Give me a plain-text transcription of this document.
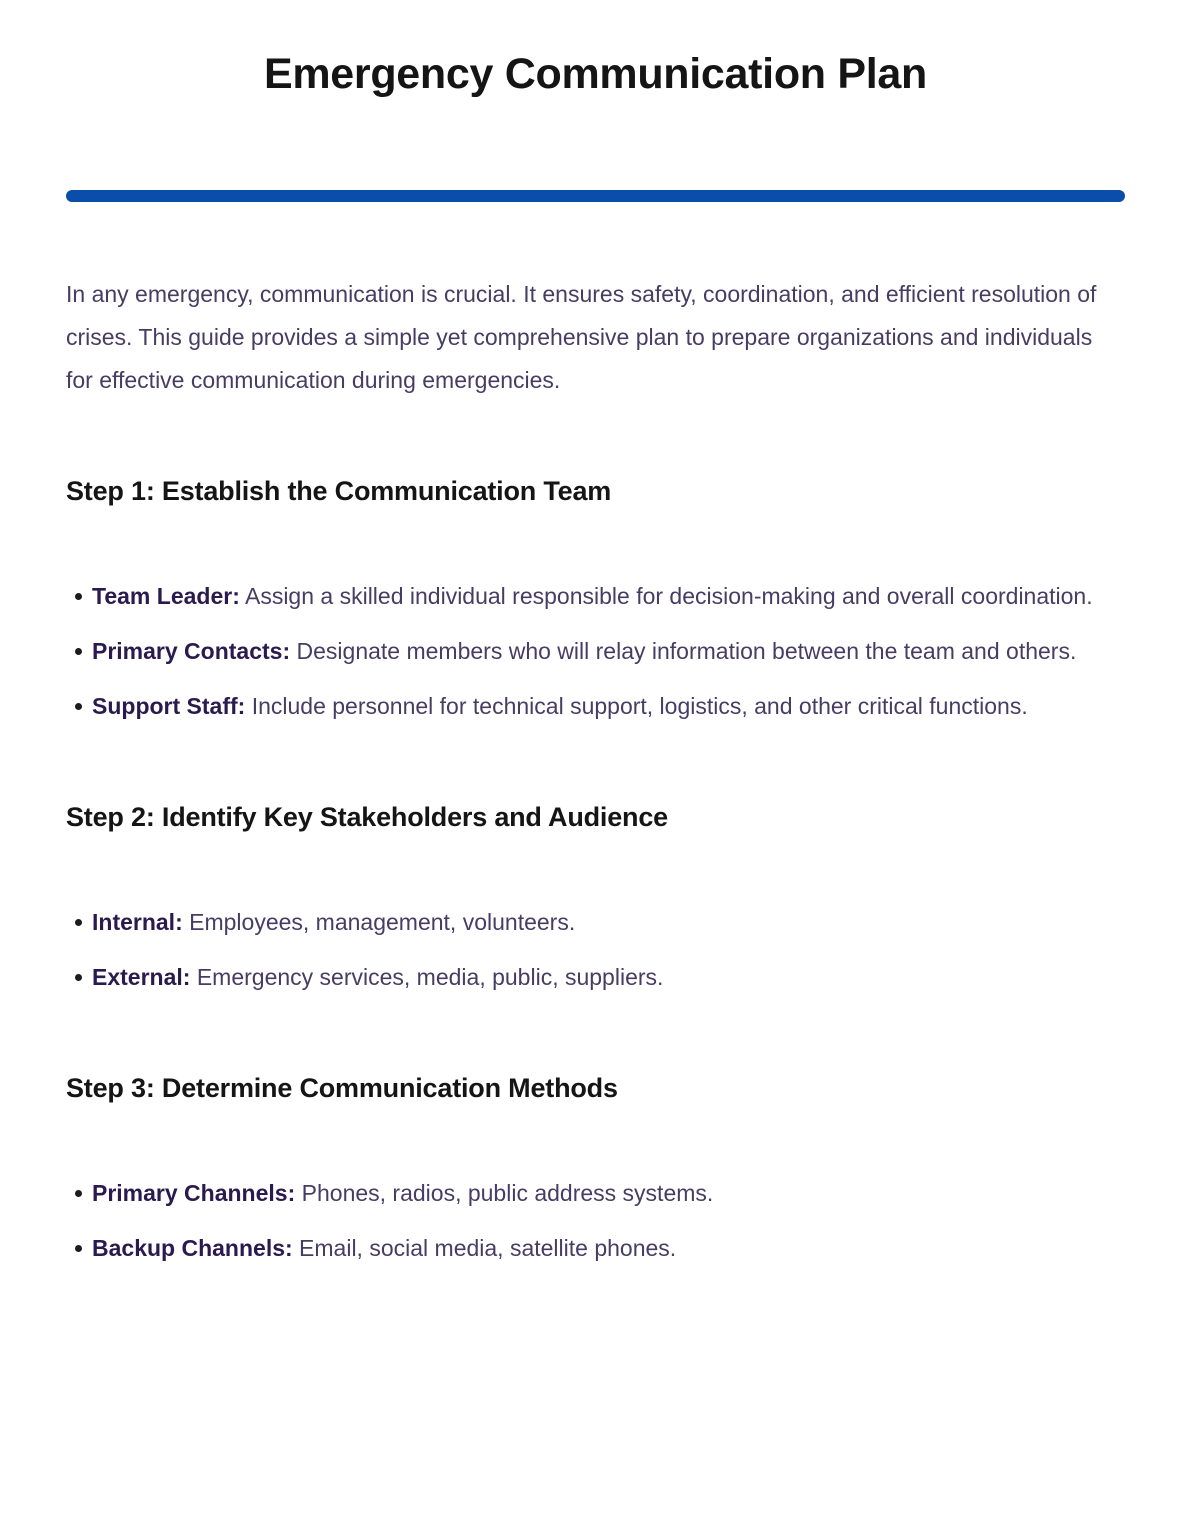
Emergency Communication Plan

In any emergency, communication is crucial. It ensures safety, coordination, and efficient resolution of crises. This guide provides a simple yet comprehensive plan to prepare organizations and individuals for effective communication during emergencies.

Step 1: Establish the Communication Team
Team Leader: Assign a skilled individual responsible for decision-making and overall coordination.
Primary Contacts: Designate members who will relay information between the team and others.
Support Staff: Include personnel for technical support, logistics, and other critical functions.
Step 2: Identify Key Stakeholders and Audience
Internal: Employees, management, volunteers.
External: Emergency services, media, public, suppliers.
Step 3: Determine Communication Methods
Primary Channels: Phones, radios, public address systems.
Backup Channels: Email, social media, satellite phones.
